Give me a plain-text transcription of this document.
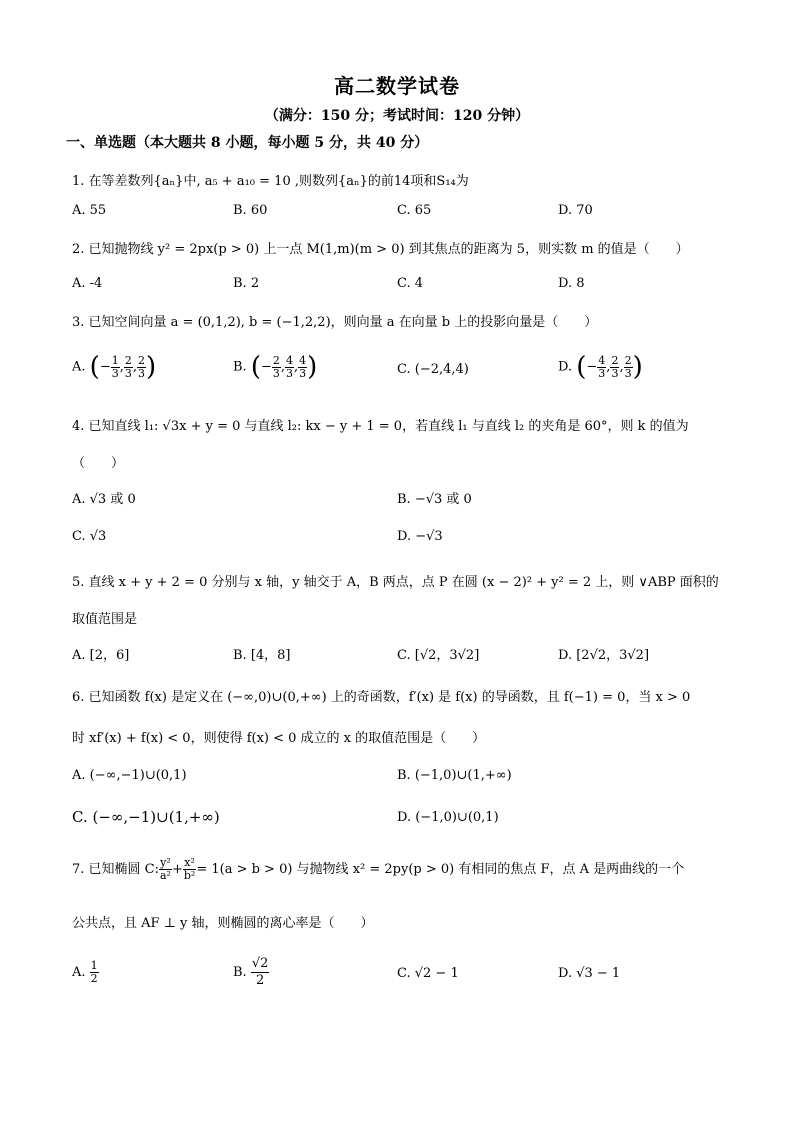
高二数学试卷
（满分：150 分；考试时间：120 分钟）
一、单选题（本大题共 8 小题，每小题 5 分，共 40 分）
1. 在等差数列{aₙ}中, a₅ + a₁₀ = 10 ,则数列{aₙ}的前14项和S₁₄为
A. 55	B. 60	C. 65	D. 70
2. 已知抛物线 y² = 2px(p > 0) 上一点 M(1,m)(m > 0) 到其焦点的距离为 5，则实数 m 的值是（　　）
A. -4	B. 2	C. 4	D. 8
3. 已知空间向量 a = (0,1,2), b = (−1,2,2)，则向量 a 在向量 b 上的投影向量是（　　）
A. (− $\frac{1}{3}$ , $\frac{2}{3}$ , $\frac{2}{3}$ )	B. (− $\frac{2}{3}$ , $\frac{4}{3}$ , $\frac{4}{3}$ )	C. (−2,4,4)	D. (− $\frac{4}{3}$ , $\frac{2}{3}$ , $\frac{2}{3}$ )
4. 已知直线 l₁: √3x + y = 0 与直线 l₂: kx − y + 1 = 0，若直线 l₁ 与直线 l₂ 的夹角是 60°，则 k 的值为
（　　）
A. √3 或 0	B. −√3 或 0
C. √3	D. −√3
5. 直线 x + y + 2 = 0 分别与 x 轴，y 轴交于 A，B 两点，点 P 在圆 (x − 2)² + y² = 2 上，则 ∨ABP 面积的
取值范围是
A. [2，6]	B. [4，8]	C. [√2，3√2]	D. [2√2，3√2]
6. 已知函数 f(x) 是定义在 (−∞,0)∪(0,+∞) 上的奇函数，f′(x) 是 f(x) 的导函数，且 f(−1) = 0，当 x > 0
时 xf′(x) + f(x) < 0，则使得 f(x) < 0 成立的 x 的取值范围是（　　）
A. (−∞,−1)∪(0,1)	B. (−1,0)∪(1,+∞)
C. (−∞,−1)∪(1,+∞)	D. (−1,0)∪(0,1)
7. 已知椭圆 C: $\frac{\text{y²}}{\text{a²}} + \frac{\text{x²}}{\text{b²}} = 1(a > b > 0)$ 与抛物线 x² = 2py(p > 0) 有相同的焦点 F，点 A 是两曲线的一个
公共点，且 AF ⊥ y 轴，则椭圆的离心率是（　　）
A. $\frac{1}{2}$	B. $\frac{√2}{2}$	C. √2 − 1	D. √3 − 1
